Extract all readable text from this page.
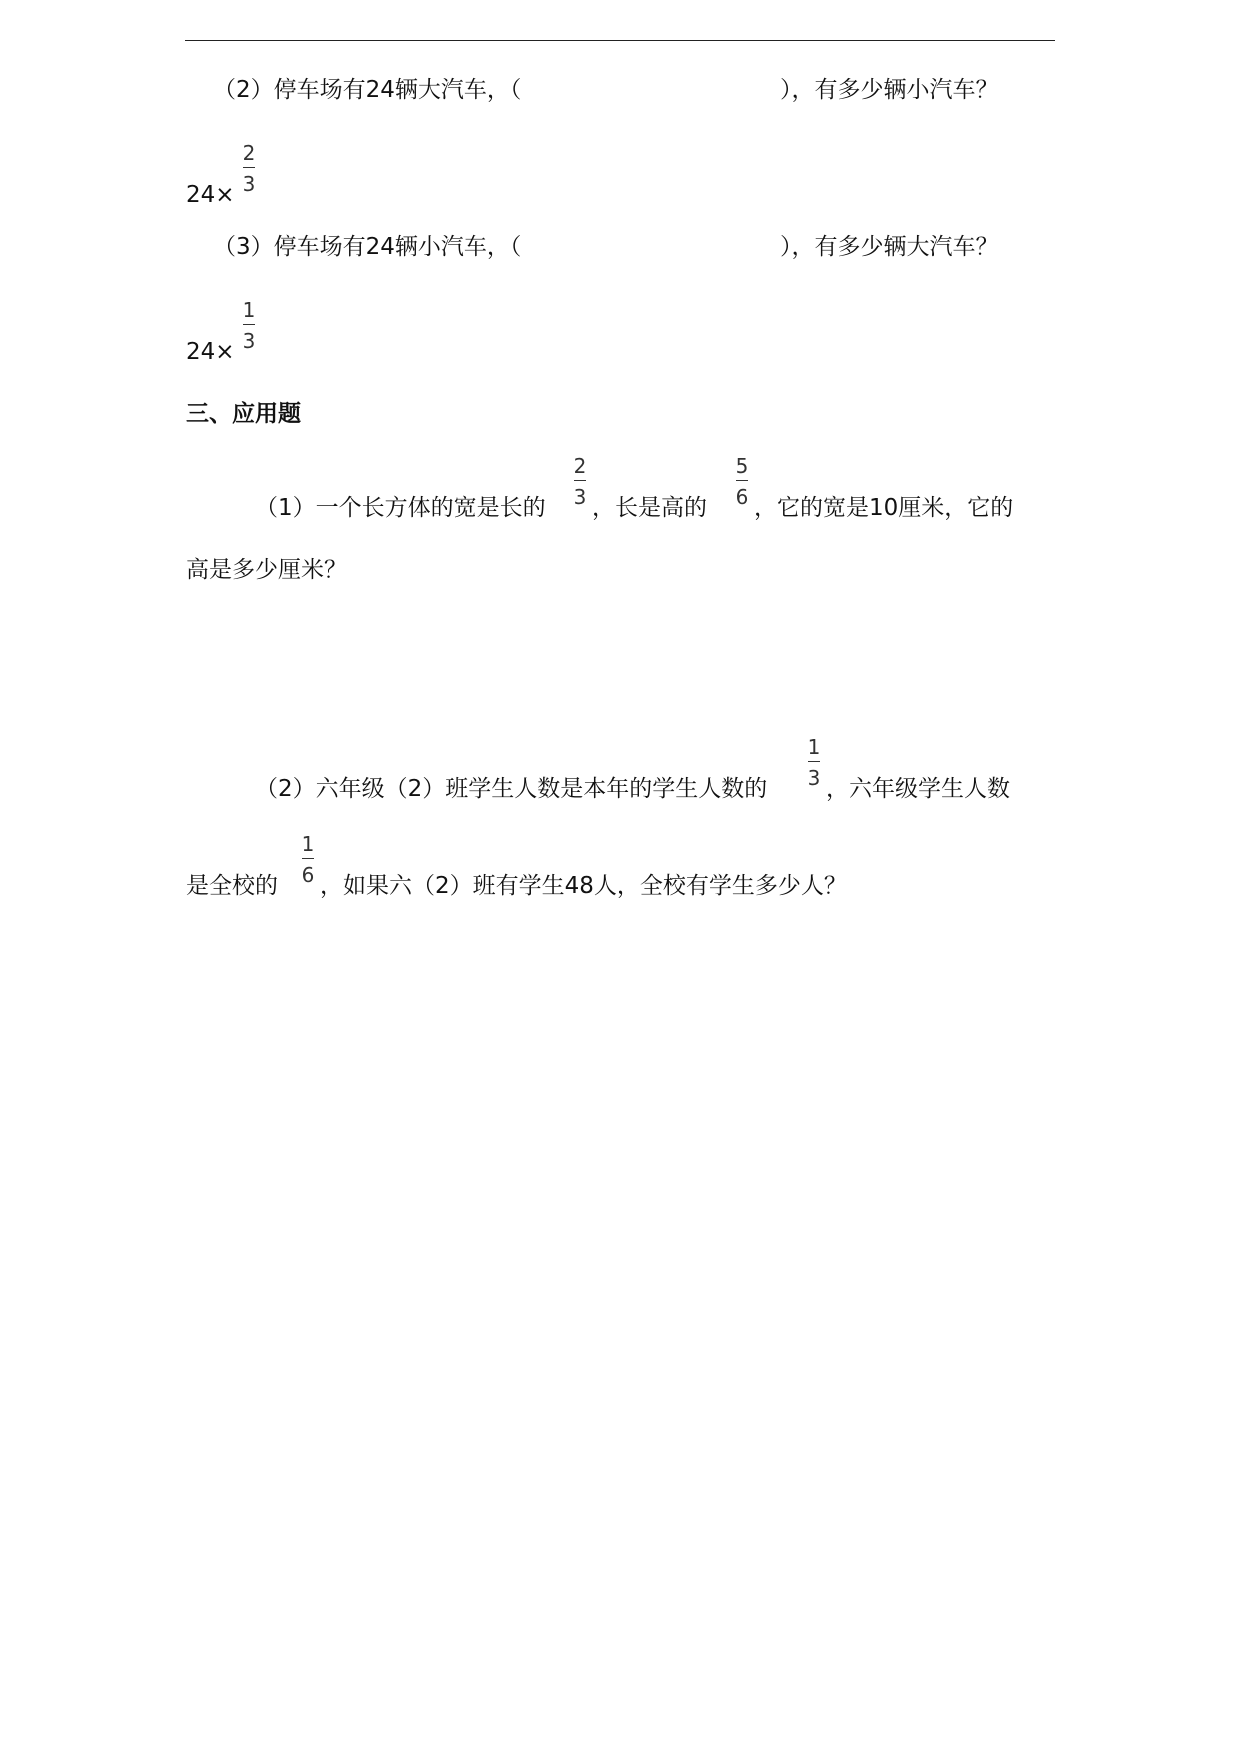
（2）停车场有24辆大汽车，（	），有多少辆小汽车？
24×
2
3
（3）停车场有24辆小汽车，（	），有多少辆大汽车？
24×
1
3
三、应用题
（1）一个长方体的宽是长的
2
3 ，长是高的
5
6 ，它的宽是10厘米，它的
高是多少厘米？
（2）六年级（2）班学生人数是本年的学生人数的
1
3 ，六年级学生人数
是全校的
1
6 ，如果六（2）班有学生48人，全校有学生多少人？
